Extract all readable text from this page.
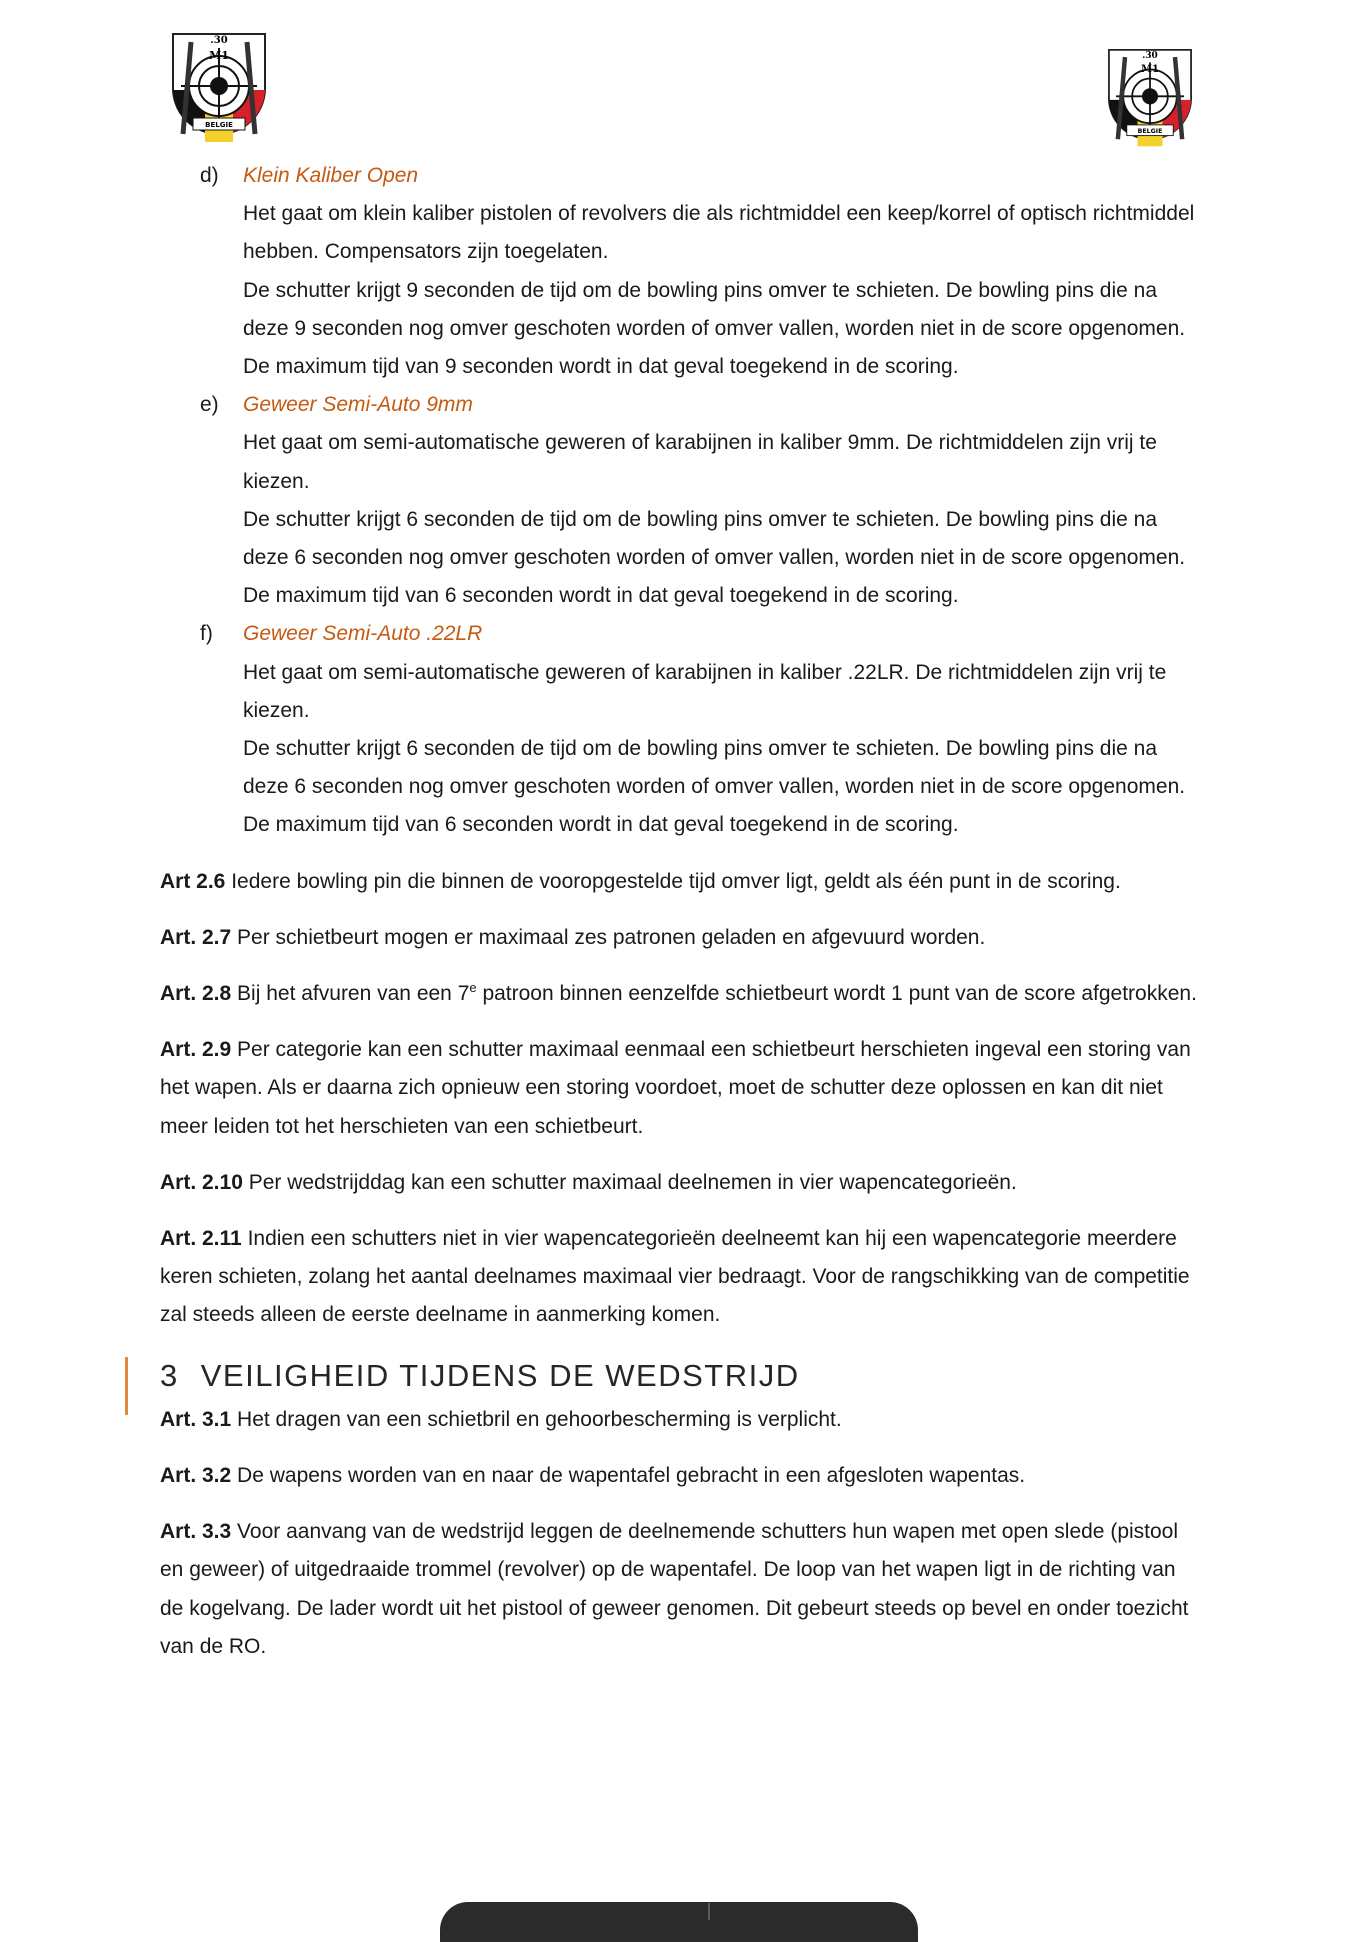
.30
M1
BELGIE
.30
M1
BELGIE
d) Klein Kaliber Open

Het gaat om klein kaliber pistolen of revolvers die als richtmiddel een keep/korrel of optisch richtmiddel hebben. Compensators zijn toegelaten.

De schutter krijgt 9 seconden de tijd om de bowling pins omver te schieten. De bowling pins die na deze 9 seconden nog omver geschoten worden of omver vallen, worden niet in de score opgenomen. De maximum tijd van 9 seconden wordt in dat geval toegekend in de scoring.

e) Geweer Semi-Auto 9mm

Het gaat om semi-automatische geweren of karabijnen in kaliber 9mm. De richtmiddelen zijn vrij te kiezen.

De schutter krijgt 6 seconden de tijd om de bowling pins omver te schieten. De bowling pins die na deze 6 seconden nog omver geschoten worden of omver vallen, worden niet in de score opgenomen. De maximum tijd van 6 seconden wordt in dat geval toegekend in de scoring.

f) Geweer Semi-Auto .22LR

Het gaat om semi-automatische geweren of karabijnen in kaliber .22LR. De richtmiddelen zijn vrij te kiezen.

De schutter krijgt 6 seconden de tijd om de bowling pins omver te schieten. De bowling pins die na deze 6 seconden nog omver geschoten worden of omver vallen, worden niet in de score opgenomen. De maximum tijd van 6 seconden wordt in dat geval toegekend in de scoring.

Art 2.6 Iedere bowling pin die binnen de vooropgestelde tijd omver ligt, geldt als één punt in de scoring.

Art. 2.7 Per schietbeurt mogen er maximaal zes patronen geladen en afgevuurd worden.

Art. 2.8 Bij het afvuren van een 7e patroon binnen eenzelfde schietbeurt wordt 1 punt van de score afgetrokken.

Art. 2.9 Per categorie kan een schutter maximaal eenmaal een schietbeurt herschieten ingeval een storing van het wapen. Als er daarna zich opnieuw een storing voordoet, moet de schutter deze oplossen en kan dit niet meer leiden tot het herschieten van een schietbeurt.

Art. 2.10 Per wedstrijddag kan een schutter maximaal deelnemen in vier wapencategorieën.

Art. 2.11 Indien een schutters niet in vier wapencategorieën deelneemt kan hij een wapencategorie meerdere keren schieten, zolang het aantal deelnames maximaal vier bedraagt. Voor de rangschikking van de competitie zal steeds alleen de eerste deelname in aanmerking komen.

3 VEILIGHEID TIJDENS DE WEDSTRIJD

Art. 3.1 Het dragen van een schietbril en gehoorbescherming is verplicht.

Art. 3.2 De wapens worden van en naar de wapentafel gebracht in een afgesloten wapentas.

Art. 3.3 Voor aanvang van de wedstrijd leggen de deelnemende schutters hun wapen met open slede (pistool en geweer) of uitgedraaide trommel (revolver) op de wapentafel. De loop van het wapen ligt in de richting van de kogelvang. De lader wordt uit het pistool of geweer genomen. Dit gebeurt steeds op bevel en onder toezicht van de RO.
